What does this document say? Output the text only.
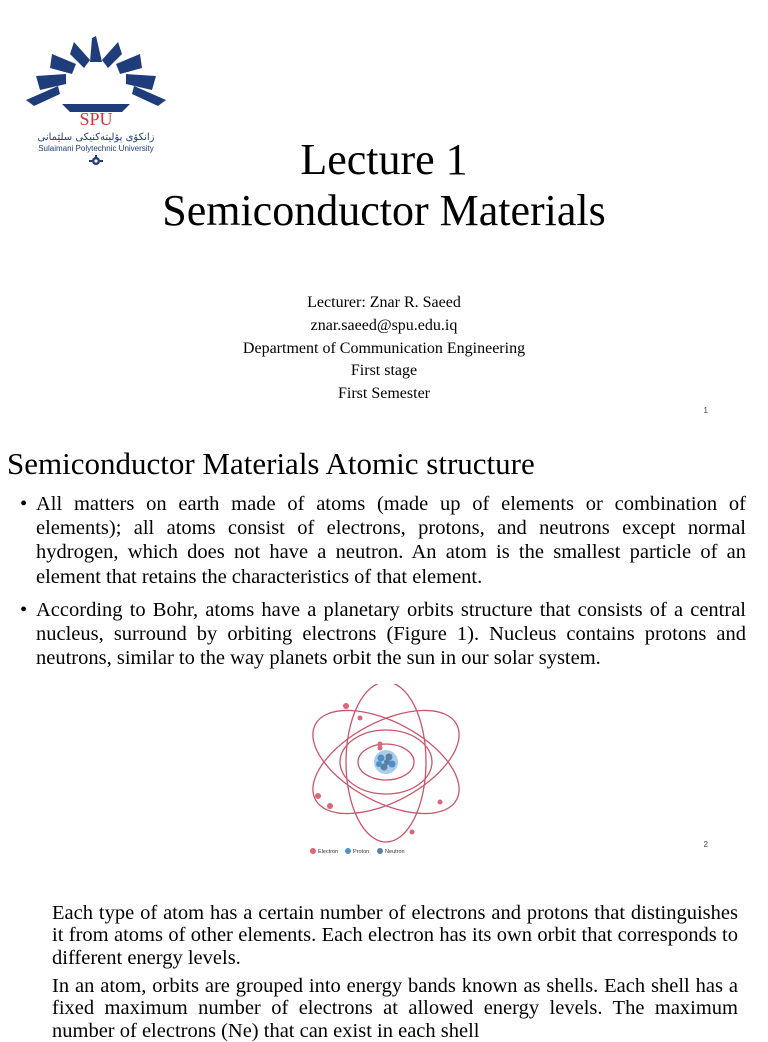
SPU
زانکۆی پۆلیتەکنیکی سلێمانی
Sulaimani Polytechnic University	Lecture 1
Semiconductor Materials
Lecturer: Znar R. Saeed
znar.saeed@spu.edu.iq
Department of Communication Engineering
First stage
First Semester
1
Semiconductor Materials Atomic structure
• All matters on earth made of atoms (made up of elements or combination of elements); all atoms consist of electrons, protons, and neutrons except normal hydrogen, which does not have a neutron. An atom is the smallest particle of an element that retains the characteristics of that element.
• According to Bohr, atoms have a planetary orbits structure that consists of a central nucleus, surround by orbiting electrons (Figure 1). Nucleus contains protons and neutrons, similar to the way planets orbit the sun in our solar system.
Electron	Proton	Neutron
2

Each type of atom has a certain number of electrons and protons that distinguishes it from atoms of other elements. Each electron has its own orbit that corresponds to different energy levels.

In an atom, orbits are grouped into energy bands known as shells. Each shell has a fixed maximum number of electrons at allowed energy levels. The maximum number of electrons (Ne) that can exist in each shell
